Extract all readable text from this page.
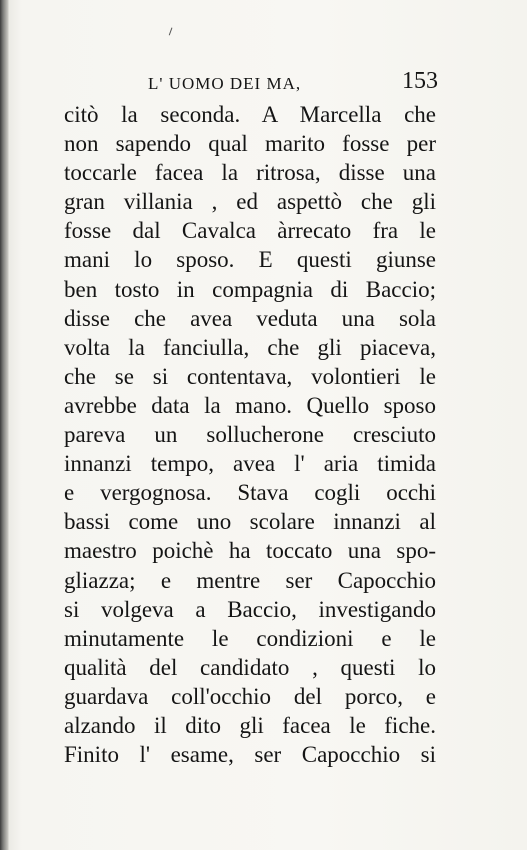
L' UOMO DEI MA,	153
citò la seconda. A Marcella che
non sapendo qual marito fosse per
toccarle facea la ritrosa, disse una
gran villania , ed aspettò che gli
fosse dal Cavalca àrrecato fra le
mani lo sposo. E questi giunse
ben tosto in compagnia di Baccio;
disse che avea veduta una sola
volta la fanciulla, che gli piaceva,
che se si contentava, volontieri le
avrebbe data la mano. Quello sposo
pareva un sollucherone cresciuto
innanzi tempo, avea l' aria timida
e vergognosa. Stava cogli occhi
bassi come uno scolare innanzi al
maestro poichè ha toccato una spo-
gliazza; e mentre ser Capocchio
si volgeva a Baccio, investigando
minutamente le condizioni e le
qualità del candidato , questi lo
guardava coll'occhio del porco, e
alzando il dito gli facea le fiche.
Finito l' esame, ser Capocchio si
